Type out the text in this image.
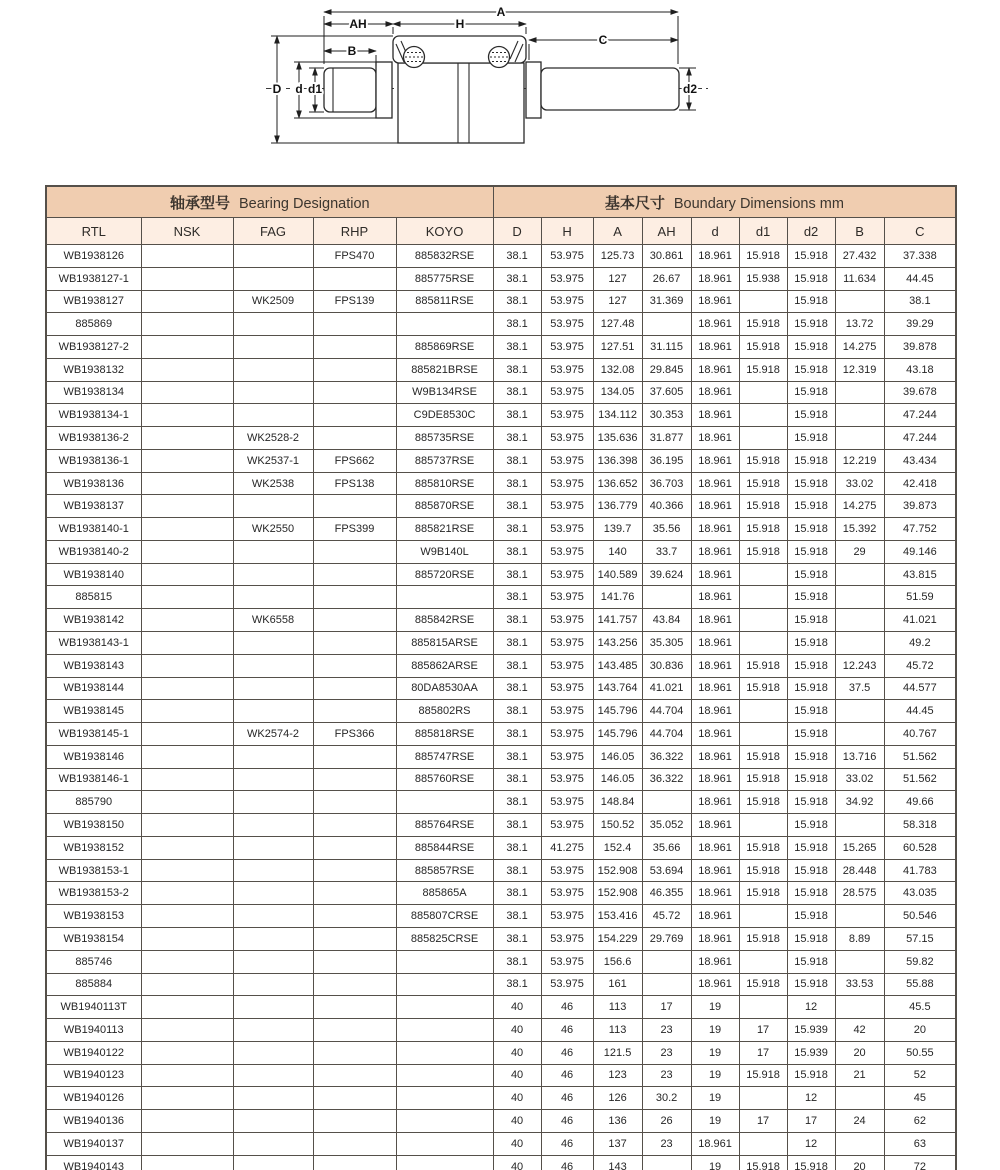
A
AH	H
C
B
D d d1	d2
轴承型号 Bearing Designation					基本尺寸 Boundary Dimensions mm								
RTL	NSK	FAG	RHP	KOYO	D	H	A	AH	d	d1	d2	B	C
WB1938126			FPS470	885832RSE	38.1	53.975	125.73	30.861	18.961	15.918	15.918	27.432	37.338
WB1938127-1				885775RSE	38.1	53.975	127	26.67	18.961	15.938	15.918	11.634	44.45
WB1938127		WK2509	FPS139	885811RSE	38.1	53.975	127	31.369	18.961		15.918		38.1
885869					38.1	53.975	127.48		18.961	15.918	15.918	13.72	39.29
WB1938127-2				885869RSE	38.1	53.975	127.51	31.115	18.961	15.918	15.918	14.275	39.878
WB1938132				885821BRSE	38.1	53.975	132.08	29.845	18.961	15.918	15.918	12.319	43.18
WB1938134				W9B134RSE	38.1	53.975	134.05	37.605	18.961		15.918		39.678
WB1938134-1				C9DE8530C	38.1	53.975	134.112	30.353	18.961		15.918		47.244
WB1938136-2		WK2528-2		885735RSE	38.1	53.975	135.636	31.877	18.961		15.918		47.244
WB1938136-1		WK2537-1	FPS662	885737RSE	38.1	53.975	136.398	36.195	18.961	15.918	15.918	12.219	43.434
WB1938136		WK2538	FPS138	885810RSE	38.1	53.975	136.652	36.703	18.961	15.918	15.918	33.02	42.418
WB1938137				885870RSE	38.1	53.975	136.779	40.366	18.961	15.918	15.918	14.275	39.873
WB1938140-1		WK2550	FPS399	885821RSE	38.1	53.975	139.7	35.56	18.961	15.918	15.918	15.392	47.752
WB1938140-2				W9B140L	38.1	53.975	140	33.7	18.961	15.918	15.918	29	49.146
WB1938140				885720RSE	38.1	53.975	140.589	39.624	18.961		15.918		43.815
885815					38.1	53.975	141.76		18.961		15.918		51.59
WB1938142		WK6558		885842RSE	38.1	53.975	141.757	43.84	18.961		15.918		41.021
WB1938143-1				885815ARSE	38.1	53.975	143.256	35.305	18.961		15.918		49.2
WB1938143				885862ARSE	38.1	53.975	143.485	30.836	18.961	15.918	15.918	12.243	45.72
WB1938144				80DA8530AA	38.1	53.975	143.764	41.021	18.961	15.918	15.918	37.5	44.577
WB1938145				885802RS	38.1	53.975	145.796	44.704	18.961		15.918		44.45
WB1938145-1		WK2574-2	FPS366	885818RSE	38.1	53.975	145.796	44.704	18.961		15.918		40.767
WB1938146				885747RSE	38.1	53.975	146.05	36.322	18.961	15.918	15.918	13.716	51.562
WB1938146-1				885760RSE	38.1	53.975	146.05	36.322	18.961	15.918	15.918	33.02	51.562
885790					38.1	53.975	148.84		18.961	15.918	15.918	34.92	49.66
WB1938150				885764RSE	38.1	53.975	150.52	35.052	18.961		15.918		58.318
WB1938152				885844RSE	38.1	41.275	152.4	35.66	18.961	15.918	15.918	15.265	60.528
WB1938153-1				885857RSE	38.1	53.975	152.908	53.694	18.961	15.918	15.918	28.448	41.783
WB1938153-2				885865A	38.1	53.975	152.908	46.355	18.961	15.918	15.918	28.575	43.035
WB1938153				885807CRSE	38.1	53.975	153.416	45.72	18.961		15.918		50.546
WB1938154				885825CRSE	38.1	53.975	154.229	29.769	18.961	15.918	15.918	8.89	57.15
885746					38.1	53.975	156.6		18.961		15.918		59.82
885884					38.1	53.975	161		18.961	15.918	15.918	33.53	55.88
WB1940113T					40	46	113	17	19		12		45.5
WB1940113					40	46	113	23	19	17	15.939	42	20
WB1940122					40	46	121.5	23	19	17	15.939	20	50.55
WB1940123					40	46	123	23	19	15.918	15.918	21	52
WB1940126					40	46	126	30.2	19		12		45
WB1940136					40	46	136	26	19	17	17	24	62
WB1940137					40	46	137	23	18.961		12		63
WB1940143					40	46	143		19	15.918	15.918	20	72
